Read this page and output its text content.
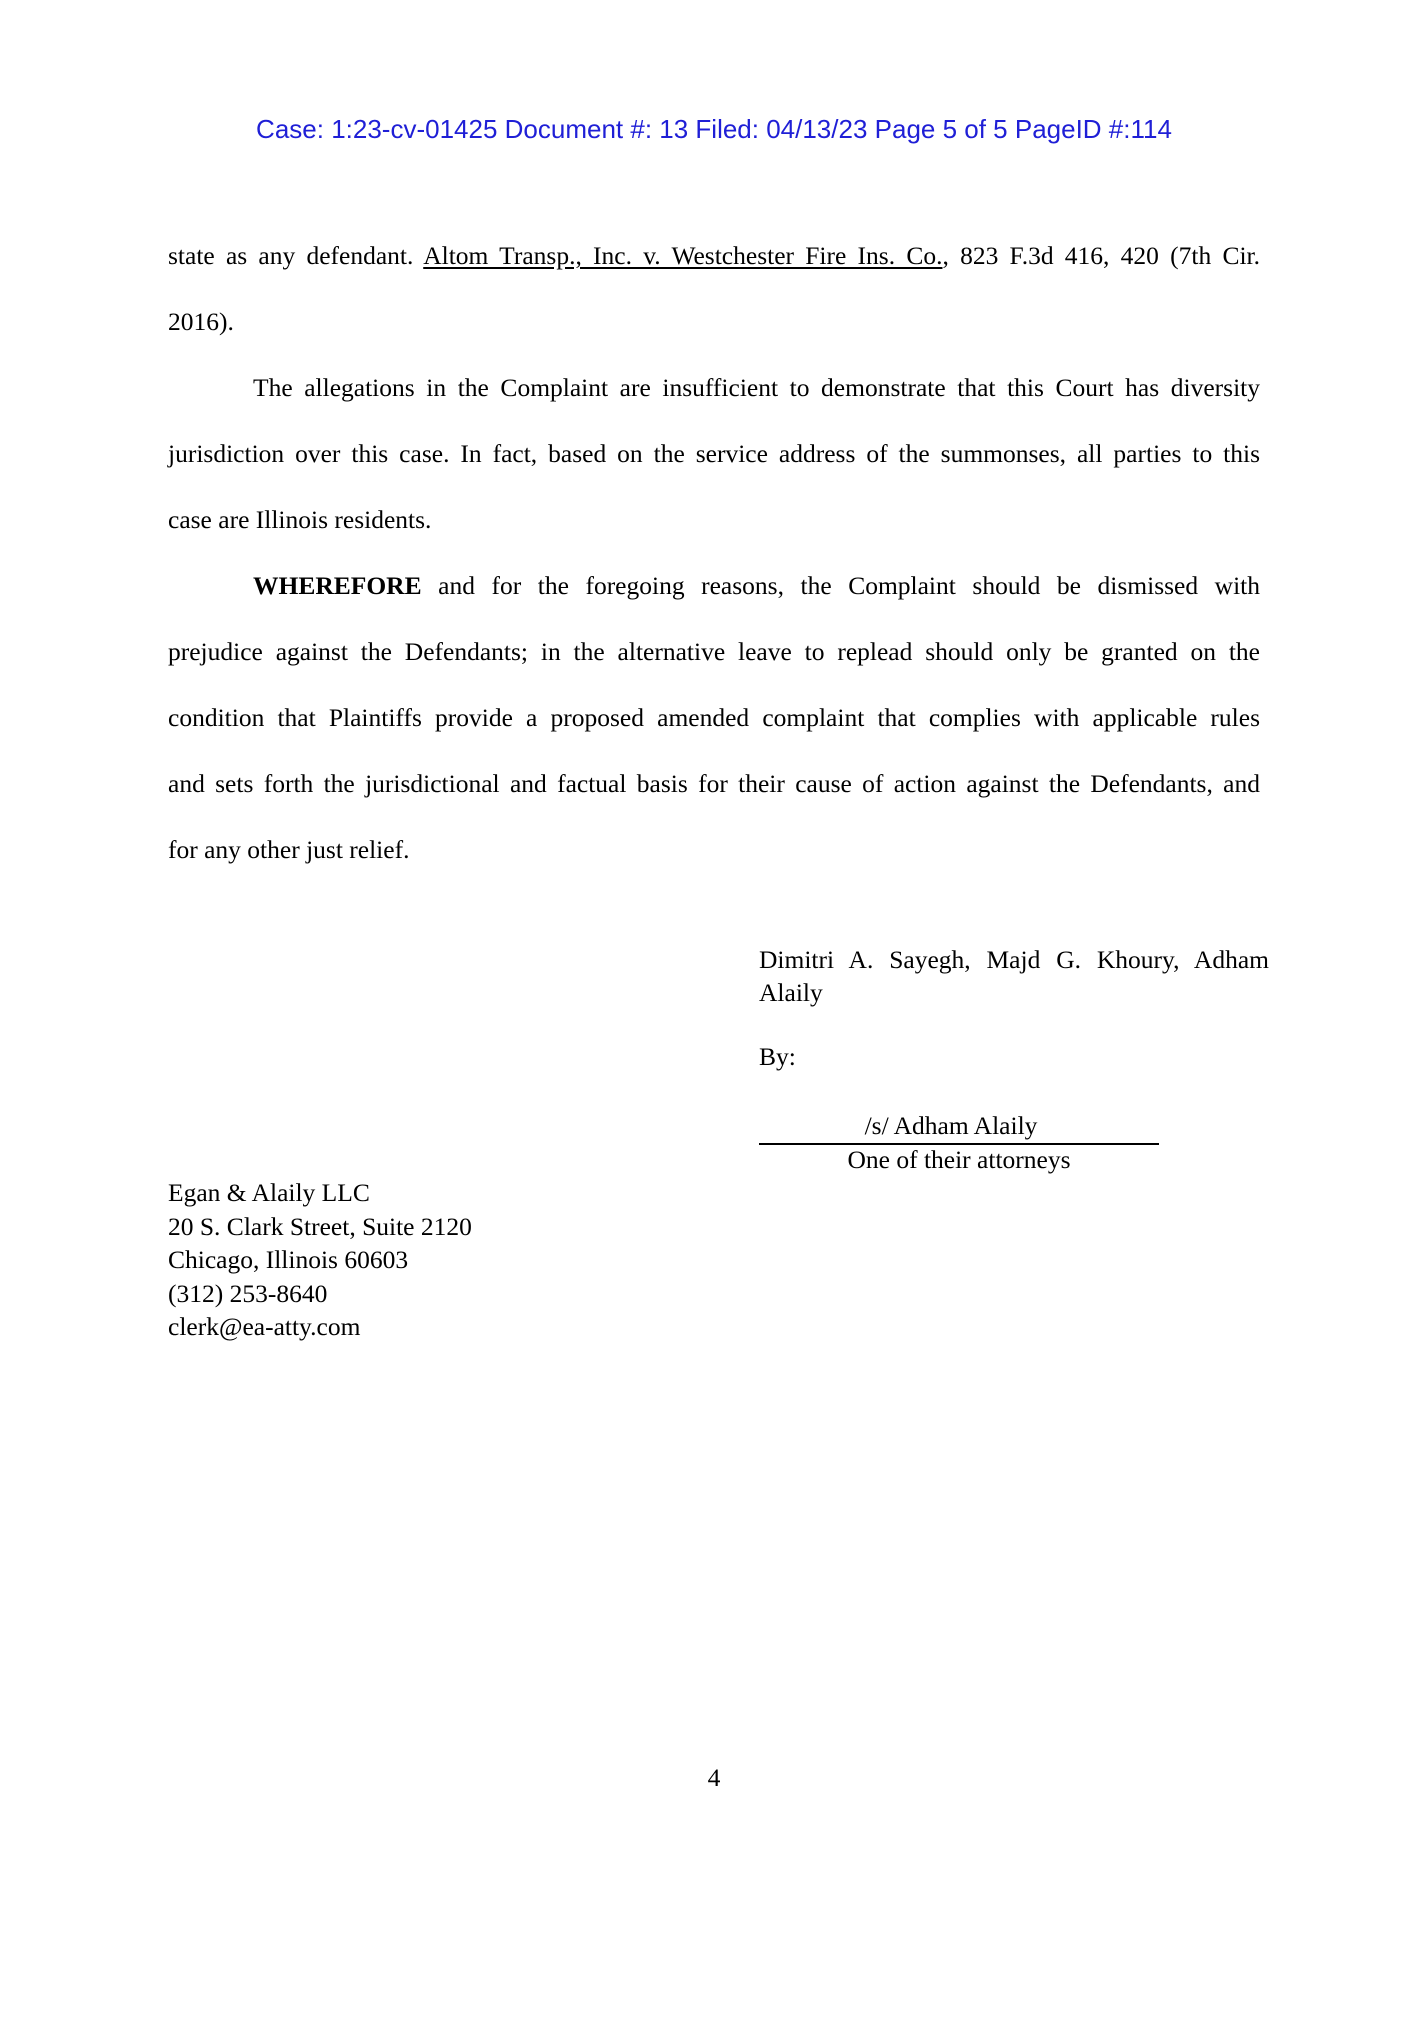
Case: 1:23-cv-01425 Document #: 13 Filed: 04/13/23 Page 5 of 5 PageID #:114
state as any defendant. Altom Transp., Inc. v. Westchester Fire Ins. Co., 823 F.3d 416, 420 (7th Cir.
2016).
The allegations in the Complaint are insufficient to demonstrate that this Court has diversity
jurisdiction over this case. In fact, based on the service address of the summonses, all parties to this
case are Illinois residents.
WHEREFORE and for the foregoing reasons, the Complaint should be dismissed with
prejudice against the Defendants; in the alternative leave to replead should only be granted on the
condition that Plaintiffs provide a proposed amended complaint that complies with applicable rules
and sets forth the jurisdictional and factual basis for their cause of action against the Defendants, and
for any other just relief.
Dimitri A. Sayegh, Majd G. Khoury, Adham
Alaily
By:
/s/ Adham Alaily
One of their attorneys
Egan & Alaily LLC
20 S. Clark Street, Suite 2120
Chicago, Illinois 60603
(312) 253-8640
clerk@ea-atty.com
4
